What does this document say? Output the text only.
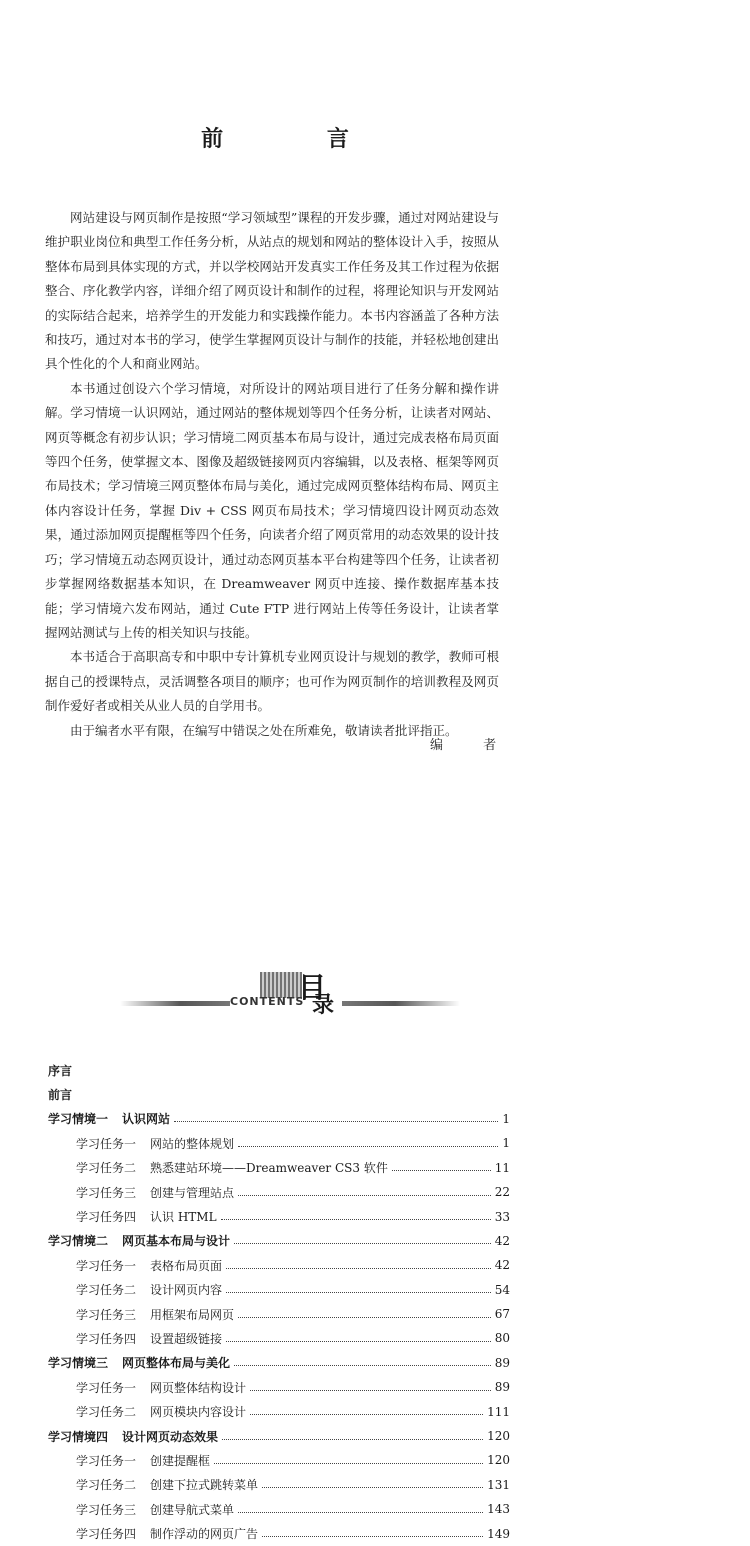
前 言

网站建设与网页制作是按照“学习领域型”课程的开发步骤，通过对网站建设与维护职业岗位和典型工作任务分析，从站点的规划和网站的整体设计入手，按照从整体布局到具体实现的方式，并以学校网站开发真实工作任务及其工作过程为依据整合、序化教学内容，详细介绍了网页设计和制作的过程，将理论知识与开发网站的实际结合起来，培养学生的开发能力和实践操作能力。本书内容涵盖了各种方法和技巧，通过对本书的学习，使学生掌握网页设计与制作的技能，并轻松地创建出具个性化的个人和商业网站。

本书通过创设六个学习情境，对所设计的网站项目进行了任务分解和操作讲解。学习情境一认识网站，通过网站的整体规划等四个任务分析，让读者对网站、网页等概念有初步认识；学习情境二网页基本布局与设计，通过完成表格布局页面等四个任务，使掌握文本、图像及超级链接网页内容编辑，以及表格、框架等网页布局技术；学习情境三网页整体布局与美化，通过完成网页整体结构布局、网页主体内容设计任务，掌握 Div + CSS 网页布局技术；学习情境四设计网页动态效果，通过添加网页提醒框等四个任务，向读者介绍了网页常用的动态效果的设计技巧；学习情境五动态网页设计，通过动态网页基本平台构建等四个任务，让读者初步掌握网络数据基本知识，在 Dreamweaver 网页中连接、操作数据库基本技能；学习情境六发布网站，通过 Cute FTP 进行网站上传等任务设计，让读者掌握网站测试与上传的相关知识与技能。

本书适合于高职高专和中职中专计算机专业网页设计与规划的教学，教师可根据自己的授课特点，灵活调整各项目的顺序；也可作为网页制作的培训教程及网页制作爱好者或相关从业人员的自学用书。

由于编者水平有限，在编写中错误之处在所难免，敬请读者批评指正。

编 者
CONTENTS
目
录
序言
前言
学习情境一 认识网站	1
学习任务一 网站的整体规划	1
学习任务二 熟悉建站环境——Dreamweaver CS3 软件	11
学习任务三 创建与管理站点	22
学习任务四 认识 HTML	33
学习情境二 网页基本布局与设计	42
学习任务一 表格布局页面	42
学习任务二 设计网页内容	54
学习任务三 用框架布局网页	67
学习任务四 设置超级链接	80
学习情境三 网页整体布局与美化	89
学习任务一 网页整体结构设计	89
学习任务二 网页模块内容设计	111
学习情境四 设计网页动态效果	120
学习任务一 创建提醒框	120
学习任务二 创建下拉式跳转菜单	131
学习任务三 创建导航式菜单	143
学习任务四 制作浮动的网页广告	149
